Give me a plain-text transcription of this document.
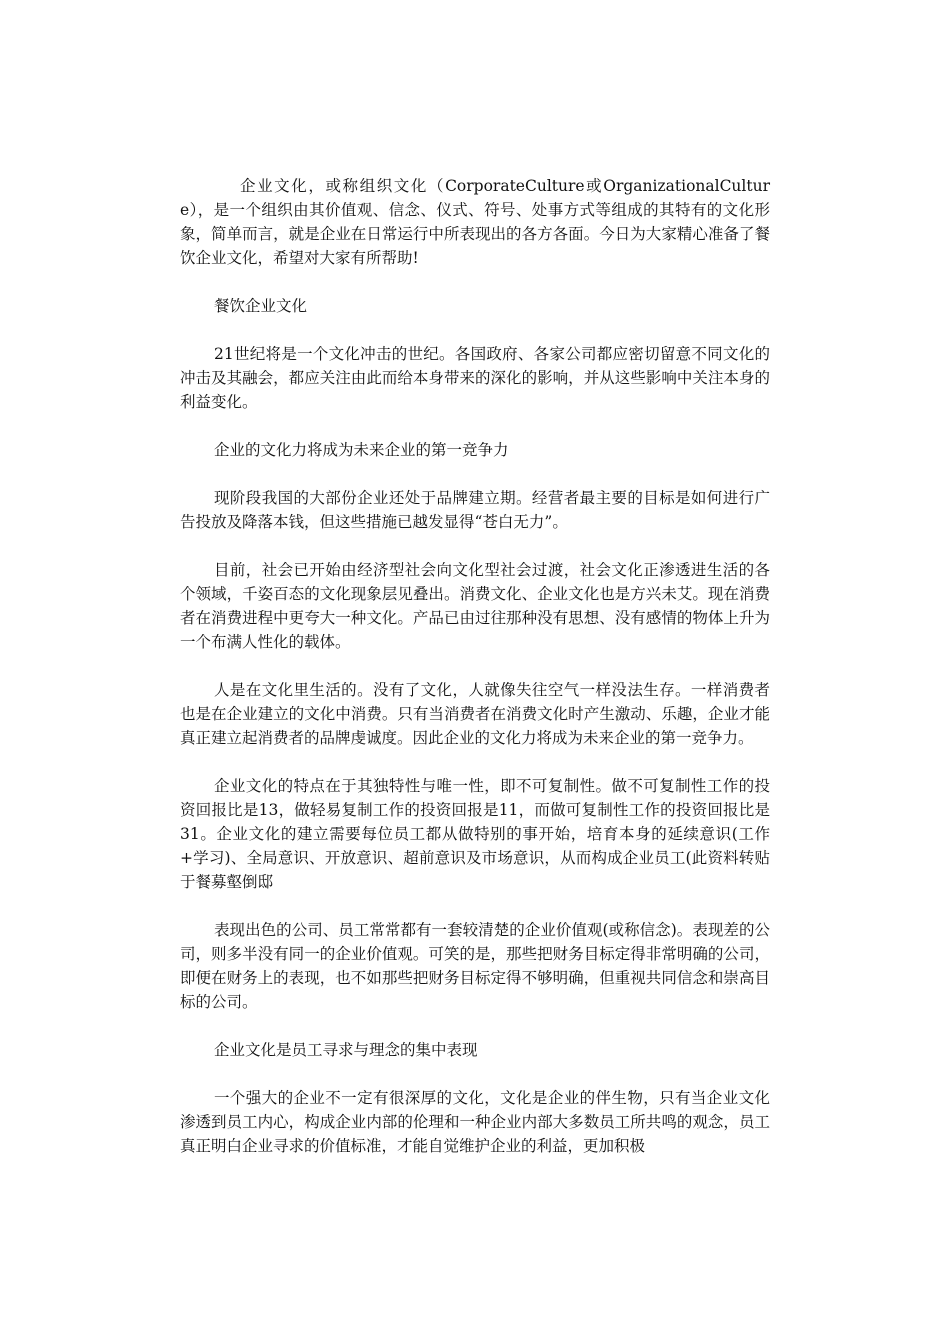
企业文化，或称组织文化（CorporateCulture或OrganizationalCulture），是一个组织由其价值观、信念、仪式、符号、处事方式等组成的其特有的文化形象，简单而言，就是企业在日常运行中所表现出的各方各面。今日为大家精心准备了餐饮企业文化，希望对大家有所帮助!

餐饮企业文化

21世纪将是一个文化冲击的世纪。各国政府、各家公司都应密切留意不同文化的冲击及其融会，都应关注由此而给本身带来的深化的影响，并从这些影响中关注本身的利益变化。

企业的文化力将成为未来企业的第一竞争力

现阶段我国的大部份企业还处于品牌建立期。经营者最主要的目标是如何进行广告投放及降落本钱，但这些措施已越发显得“苍白无力”。

目前，社会已开始由经济型社会向文化型社会过渡，社会文化正渗透进生活的各个领域，千姿百态的文化现象层见叠出。消费文化、企业文化也是方兴未艾。现在消费者在消费进程中更夸大一种文化。产品已由过往那种没有思想、没有感情的物体上升为一个布满人性化的载体。

人是在文化里生活的。没有了文化，人就像失往空气一样没法生存。一样消费者也是在企业建立的文化中消费。只有当消费者在消费文化时产生激动、乐趣，企业才能真正建立起消费者的品牌虔诚度。因此企业的文化力将成为未来企业的第一竞争力。

企业文化的特点在于其独特性与唯一性，即不可复制性。做不可复制性工作的投资回报比是13，做轻易复制工作的投资回报是11，而做可复制性工作的投资回报比是31。企业文化的建立需要每位员工都从做特别的事开始，培育本身的延续意识(工作+学习)、全局意识、开放意识、超前意识及市场意识，从而构成企业员工(此资料转贴于餐募壑倒邸

表现出色的公司、员工常常都有一套较清楚的企业价值观(或称信念)。表现差的公司，则多半没有同一的企业价值观。可笑的是，那些把财务目标定得非常明确的公司，即便在财务上的表现，也不如那些把财务目标定得不够明确，但重视共同信念和崇高目标的公司。

企业文化是员工寻求与理念的集中表现

一个强大的企业不一定有很深厚的文化，文化是企业的伴生物，只有当企业文化渗透到员工内心，构成企业内部的伦理和一种企业内部大多数员工所共鸣的观念，员工真正明白企业寻求的价值标准，才能自觉维护企业的利益，更加积极
